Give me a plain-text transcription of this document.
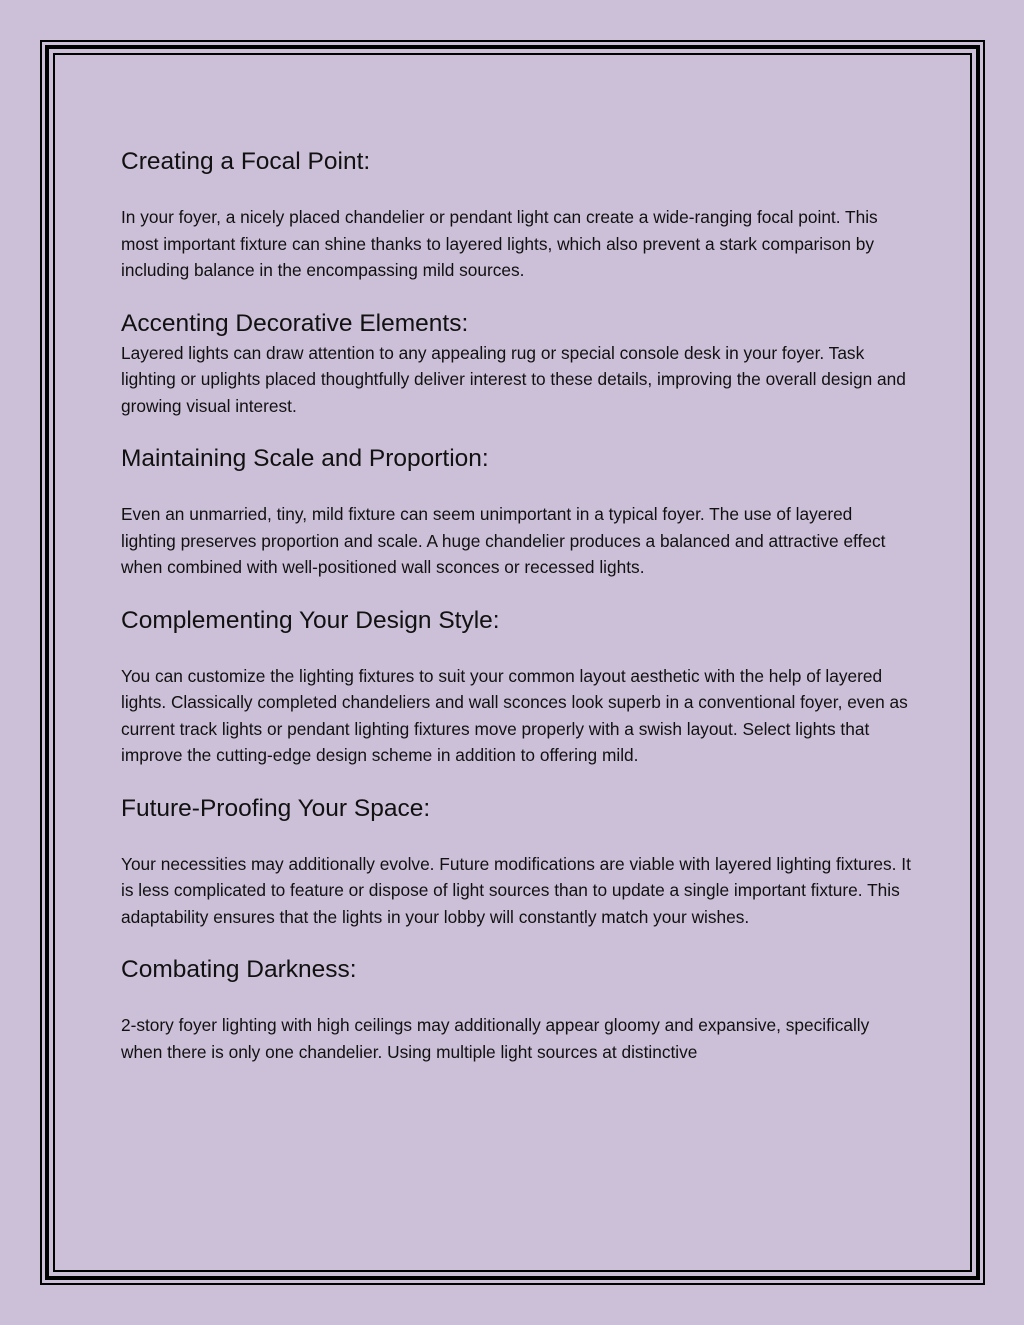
Creating a Focal Point:

In your foyer, a nicely placed chandelier or pendant light can create a wide-ranging focal point. This most important fixture can shine thanks to layered lights, which also prevent a stark comparison by including balance in the encompassing mild sources.

Accenting Decorative Elements:

Layered lights can draw attention to any appealing rug or special console desk in your foyer. Task lighting or uplights placed thoughtfully deliver interest to these details, improving the overall design and growing visual interest.

Maintaining Scale and Proportion:

Even an unmarried, tiny, mild fixture can seem unimportant in a typical foyer. The use of layered lighting preserves proportion and scale. A huge chandelier produces a balanced and attractive effect when combined with well-positioned wall sconces or recessed lights.

Complementing Your Design Style:

You can customize the lighting fixtures to suit your common layout aesthetic with the help of layered lights. Classically completed chandeliers and wall sconces look superb in a conventional foyer, even as current track lights or pendant lighting fixtures move properly with a swish layout. Select lights that improve the cutting-edge design scheme in addition to offering mild.

Future-Proofing Your Space:

Your necessities may additionally evolve. Future modifications are viable with layered lighting fixtures. It is less complicated to feature or dispose of light sources than to update a single important fixture. This adaptability ensures that the lights in your lobby will constantly match your wishes.

Combating Darkness:

2-story foyer lighting with high ceilings may additionally appear gloomy and expansive, specifically when there is only one chandelier. Using multiple light sources at distinctive
